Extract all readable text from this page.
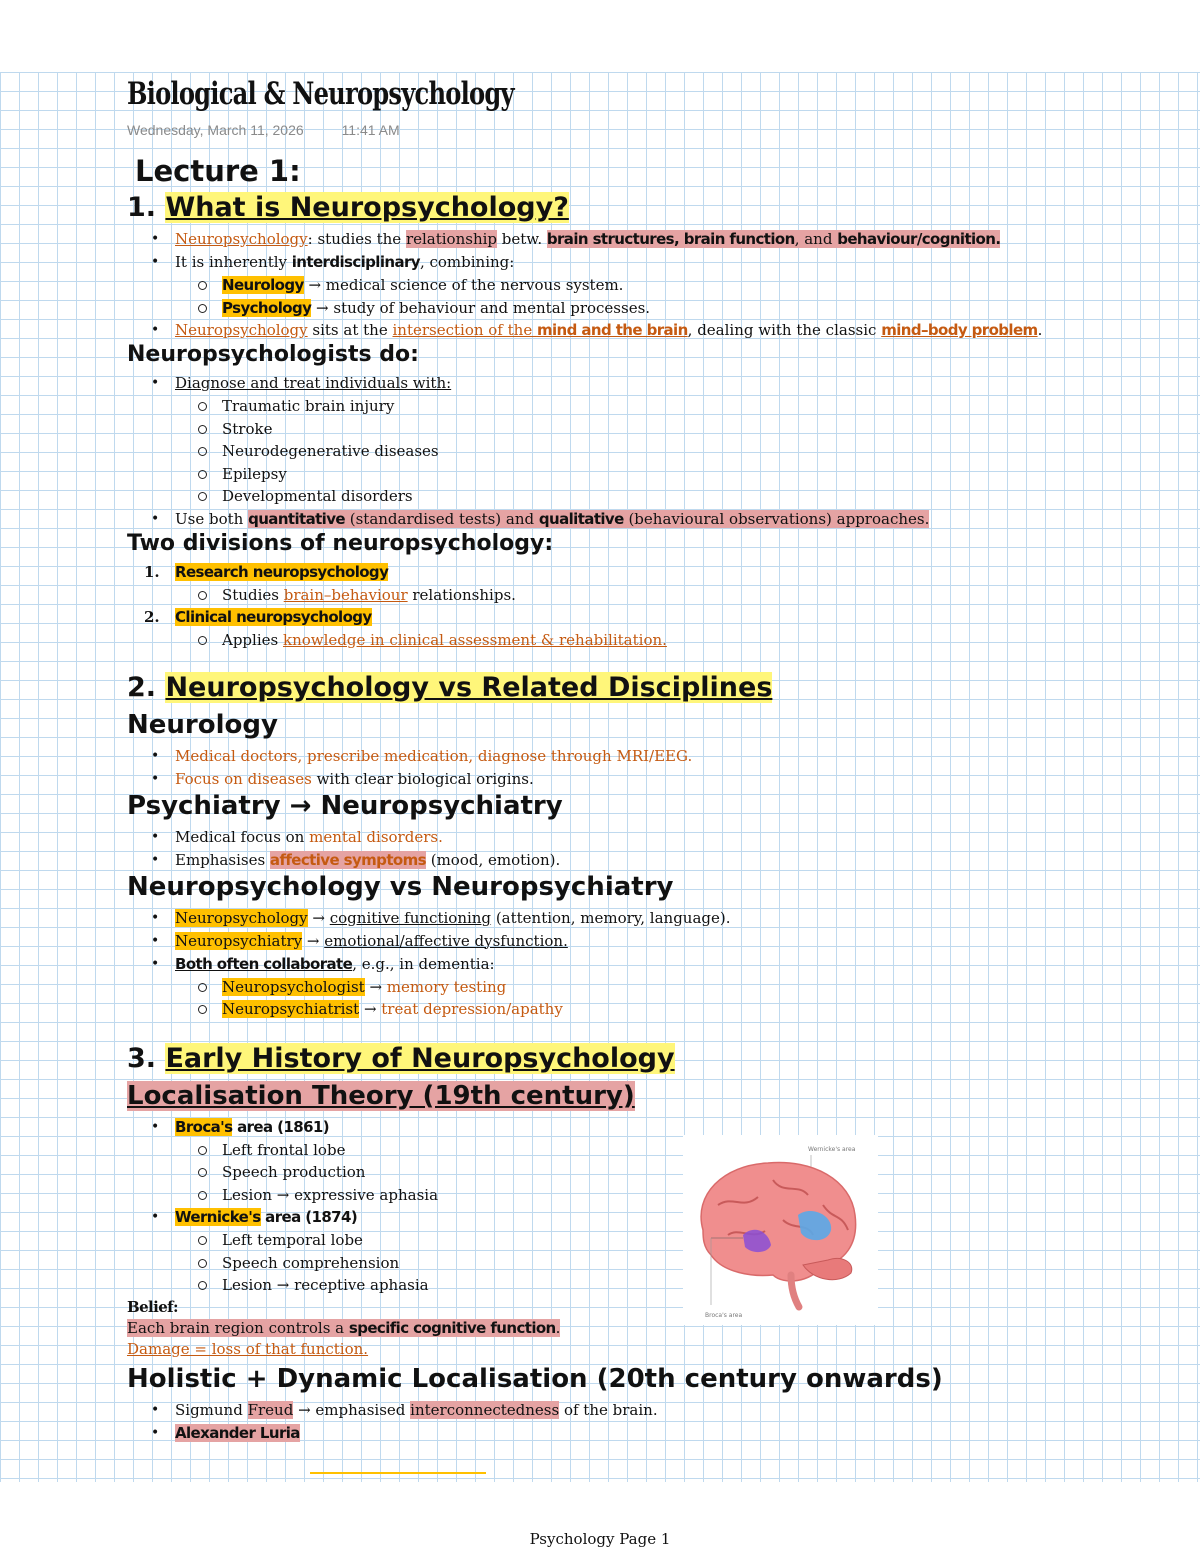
Biological & Neuropsychology
Wednesday, March 11, 2026	11:41 AM
Lecture 1:
1. What is Neuropsychology?
• Neuropsychology: studies the relationship betw. brain structures, brain function, and behaviour/cognition.
• It is inherently interdisciplinary, combining:
Neurology → medical science of the nervous system.
Psychology → study of behaviour and mental processes.
• Neuropsychology sits at the intersection of the mind and the brain, dealing with the classic mind–body problem.
Neuropsychologists do:
• Diagnose and treat individuals with:
Traumatic brain injury
Stroke
Neurodegenerative diseases
Epilepsy
Developmental disorders
• Use both quantitative (standardised tests) and qualitative (behavioural observations) approaches.
Two divisions of neuropsychology:
1. Research neuropsychology
Studies brain–behaviour relationships.
2. Clinical neuropsychology
Applies knowledge in clinical assessment & rehabilitation.
2. Neuropsychology vs Related Disciplines
Neurology
• Medical doctors, prescribe medication, diagnose through MRI/EEG.
• Focus on diseases with clear biological origins.
Psychiatry → Neuropsychiatry
• Medical focus on mental disorders.
• Emphasises affective symptoms (mood, emotion).
Neuropsychology vs Neuropsychiatry
• Neuropsychology → cognitive functioning (attention, memory, language).
• Neuropsychiatry → emotional/affective dysfunction.
• Both often collaborate, e.g., in dementia:
Neuropsychologist → memory testing
Neuropsychiatrist → treat depression/apathy
3. Early History of Neuropsychology
Localisation Theory (19th century)
• Broca's area (1861)
Left frontal lobe
Speech production
Lesion → expressive aphasia
• Wernicke's area (1874)
Left temporal lobe
Speech comprehension
Lesion → receptive aphasia
Belief:
Each brain region controls a specific cognitive function.
Damage = loss of that function.
Holistic + Dynamic Localisation (20th century onwards)
• Sigmund Freud → emphasised interconnectedness of the brain.
• Alexander Luria
Wernicke's area
Broca's area
Psychology Page 1
